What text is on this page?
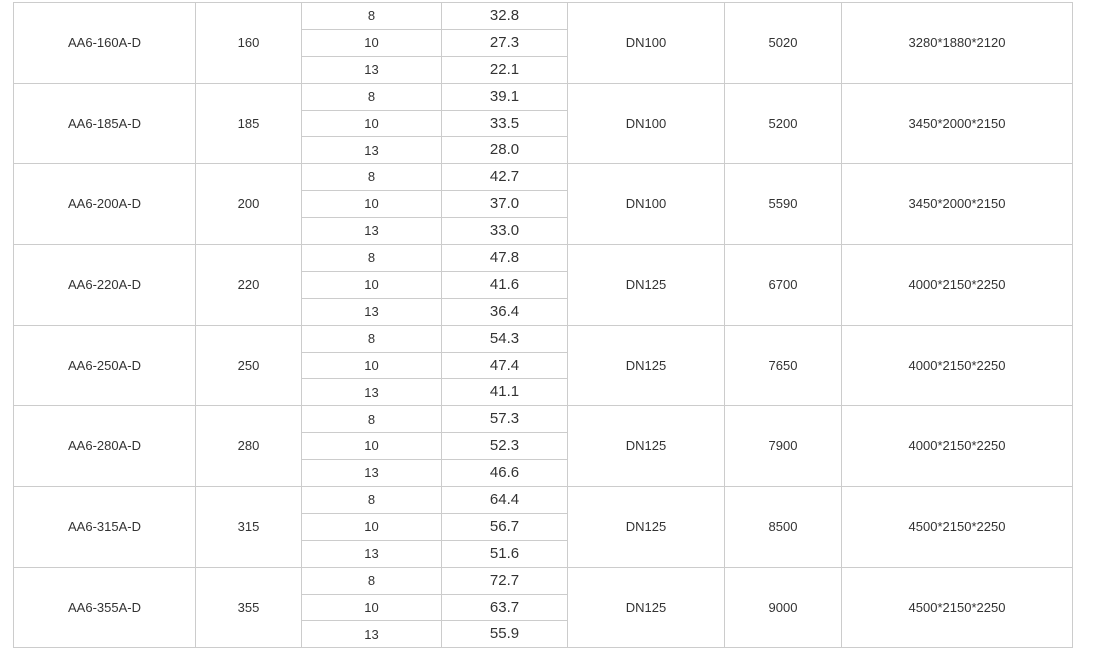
AA6-160A-D	160	8	32.8	DN100	5020	3280*1880*2120
		10	27.3			
		13	22.1			
AA6-185A-D	185	8	39.1	DN100	5200	3450*2000*2150
		10	33.5			
		13	28.0			
AA6-200A-D	200	8	42.7	DN100	5590	3450*2000*2150
		10	37.0			
		13	33.0			
AA6-220A-D	220	8	47.8	DN125	6700	4000*2150*2250
		10	41.6			
		13	36.4			
AA6-250A-D	250	8	54.3	DN125	7650	4000*2150*2250
		10	47.4			
		13	41.1			
AA6-280A-D	280	8	57.3	DN125	7900	4000*2150*2250
		10	52.3			
		13	46.6			
AA6-315A-D	315	8	64.4	DN125	8500	4500*2150*2250
		10	56.7			
		13	51.6			
AA6-355A-D	355	8	72.7	DN125	9000	4500*2150*2250
		10	63.7			
		13	55.9			
